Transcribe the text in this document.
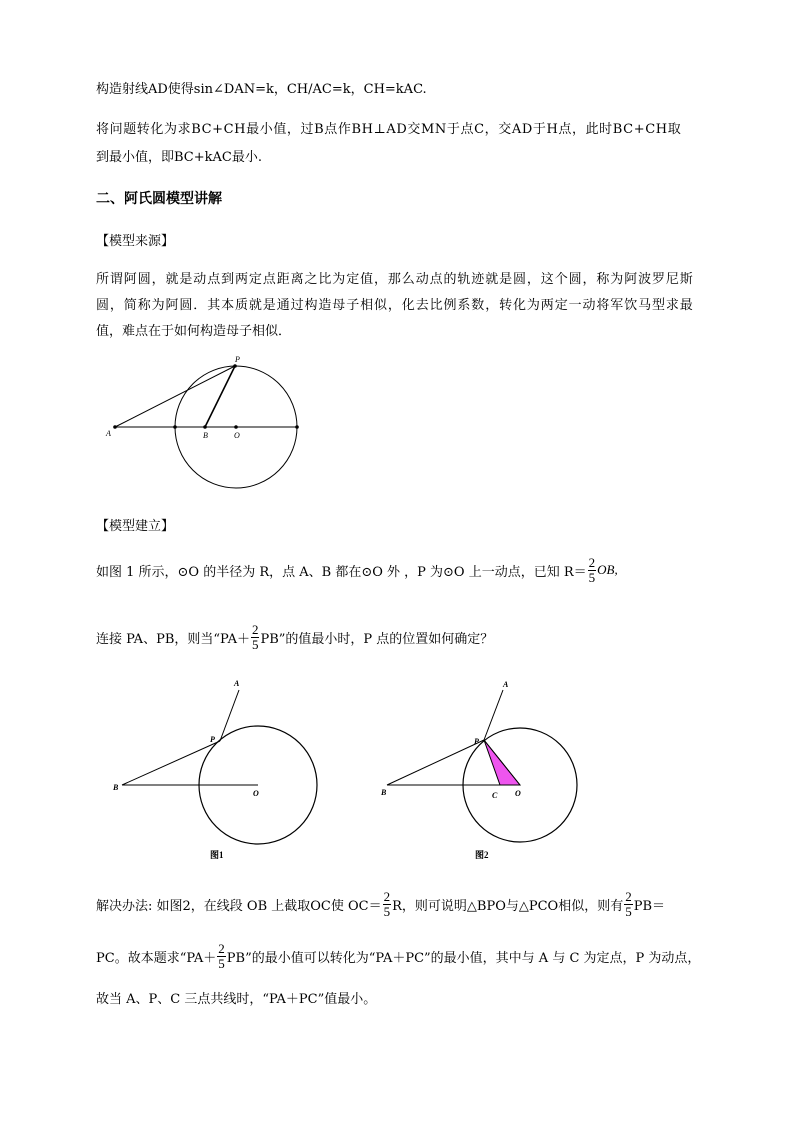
构造射线AD使得sin∠DAN=k，CH/AC=k，CH=kAC.
将问题转化为求BC+CH最小值，过B点作BH⊥AD交MN于点C，交AD于H点，此时BC+CH取
到最小值，即BC+kAC最小.
二、阿氏圆模型讲解
【模型来源】
所谓阿圆，就是动点到两定点距离之比为定值，那么动点的轨迹就是圆，这个圆，称为阿波罗尼斯
圆，简称为阿圆．其本质就是通过构造母子相似，化去比例系数，转化为两定一动将军饮马型求最
值，难点在于如何构造母子相似．
P
A	B	O
【模型建立】
如图 1 所示，⊙O 的半径为 R，点 A、B 都在⊙O 外 ，P 为⊙O 上一动点，已知 $R= \frac{2}{5}$ OB,
连接 PA、PB，则当“$PA+ \frac{2}{5}$ PB”的值最小时，P 点的位置如何确定？
A
P
B
O
图1
A
P
B	C O
图2
解决办法: 如图2，在线段 OB 上截取OC使 $OC= \frac{2}{5}$ R，则可说明△BPO与△PCO相似，则有 $\frac{2}{5} PB=$
PC。故本题求“$PA+ \frac{2}{5}$ PB”的最小值可以转化为“PA＋PC”的最小值，其中与 A 与 C 为定点，P 为动点，
故当 A、P、C 三点共线时，“PA＋PC”值最小。
